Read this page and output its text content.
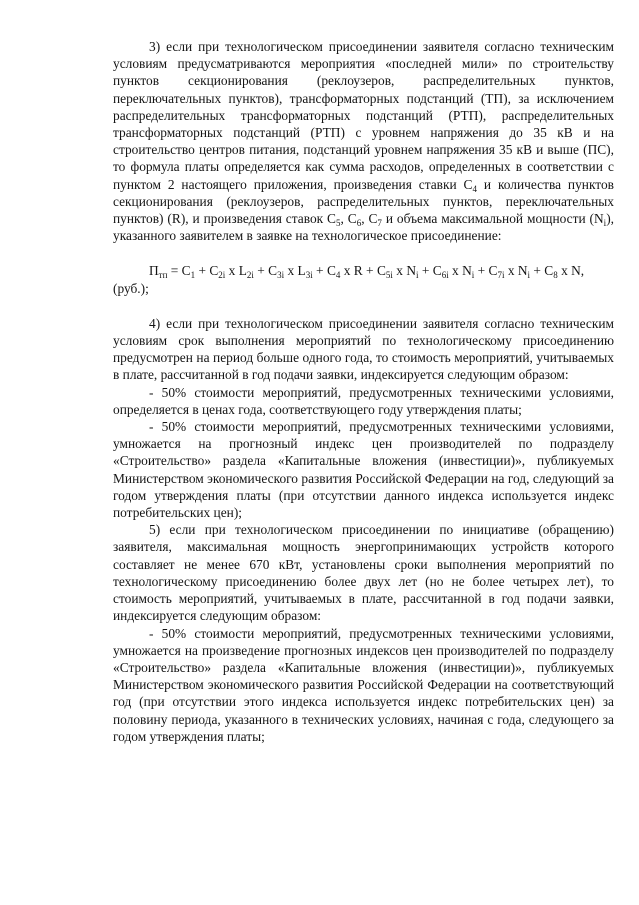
3) если при технологическом присоединении заявителя согласно техническим условиям предусматриваются мероприятия «последней мили» по строительству пунктов секционирования (реклоузеров, распределительных пунктов, переключательных пунктов), трансформаторных подстанций (ТП), за исключением распределительных трансформаторных подстанций (РТП), распределительных трансформаторных подстанций (РТП) с уровнем напряжения до 35 кВ и на строительство центров питания, подстанций уровнем напряжения 35 кВ и выше (ПС), то формула платы определяется как сумма расходов, определенных в соответствии с пунктом 2 настоящего приложения, произведения ставки $С_4$ и количества пунктов секционирования (реклоузеров, распределительных пунктов, переключательных пунктов) (R), и произведения ставок $С_5$, $С_6$, $С_7$ и объема максимальной мощности $(N_i)$, указанного заявителем в заявке на технологическое присоединение:

$П_{тп} = С_1 + С_{2i}$ х $L_{2i} + С_{3i}$ х $L_{3i} + С_4$ х $R + С_{5i}$ х $N_i + С_{6i}$ х $N_i + С_{7i}$ х $N_i + С_8$ х N, (руб.);

4) если при технологическом присоединении заявителя согласно техническим условиям срок выполнения мероприятий по технологическому присоединению предусмотрен на период больше одного года, то стоимость мероприятий, учитываемых в плате, рассчитанной в год подачи заявки, индексируется следующим образом:

- 50% стоимости мероприятий, предусмотренных техническими условиями, определяется в ценах года, соответствующего году утверждения платы;

- 50% стоимости мероприятий, предусмотренных техническими условиями, умножается на прогнозный индекс цен производителей по подразделу «Строительство» раздела «Капитальные вложения (инвестиции)», публикуемых Министерством экономического развития Российской Федерации на год, следующий за годом утверждения платы (при отсутствии данного индекса используется индекс потребительских цен);

5) если при технологическом присоединении по инициативе (обращению) заявителя, максимальная мощность энергопринимающих устройств которого составляет не менее 670 кВт, установлены сроки выполнения мероприятий по технологическому присоединению более двух лет (но не более четырех лет), то стоимость мероприятий, учитываемых в плате, рассчитанной в год подачи заявки, индексируется следующим образом:

- 50% стоимости мероприятий, предусмотренных техническими условиями, умножается на произведение прогнозных индексов цен производителей по подразделу «Строительство» раздела «Капитальные вложения (инвестиции)», публикуемых Министерством экономического развития Российской Федерации на соответствующий год (при отсутствии этого индекса используется индекс потребительских цен) за половину периода, указанного в технических условиях, начиная с года, следующего за годом утверждения платы;
